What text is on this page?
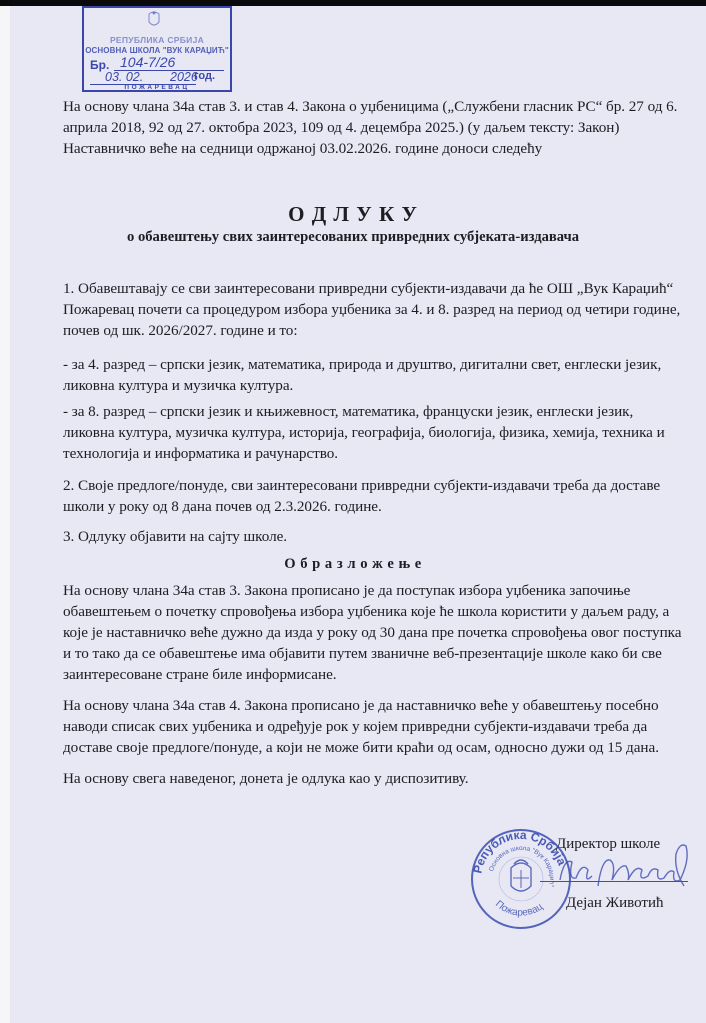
РЕПУБЛИКА СРБИЈА
ОСНОВНА ШКОЛА "ВУК КАРАЏИЋ"
Бр. 104-7/26
03. 02. 2026
год.
ПОЖАРЕВАЦ
На основу члана 34а став 3. и став 4. Закона о уџбеницима („Службени гласник РС“ бр. 27 од 6.
априла 2018, 92 од 27. октобра 2023, 109 од 4. децембра 2025.) (у даљем тексту: Закон)
Наставничко веће на седници одржаној 03.02.2026. године доноси следећу
О Д Л У К У
о обавештењу свих заинтересованих привредних субјеката-издавача
1. Обавештавају се сви заинтересовани привредни субјекти-издавачи да ће ОШ „Вук Караџић“
Пожаревац почети са процедуром избора уџбеника за 4. и 8. разред на период од четири године,
почев од шк. 2026/2027. године и то:
- за 4. разред – српски језик, математика, природа и друштво, дигитални свет, енглески језик,
ликовна култура и музичка култура.
- за 8. разред – српски језик и књижевност, математика, француски језик, енглески језик,
ликовна култура, музичка култура, историја, географија, биологија, физика, хемија, техника и
технологија и информатика и рачунарство.
2. Своје предлоге/понуде, сви заинтересовани привредни субјекти-издавачи треба да доставе
школи у року од 8 дана почев од 2.3.2026. године.
3. Одлуку објавити на сајту школе.
О б р а з л о ж е њ е
На основу члана 34а став 3. Закона прописано је да поступак избора уџбеника започиње
обавештењем о почетку спровођења избора уџбеника које ће школа користити у даљем раду, а
које је наставничко веће дужно да изда у року од 30 дана пре почетка спровођења овог поступка
и то тако да се обавештење има објавити путем званичне веб-презентације школе како би све
заинтересоване стране биле информисане.
На основу члана 34а став 4. Закона прописано је да наставничко веће у обавештењу посебно
наводи списак свих уџбеника и одређује рок у којем привредни субјекти-издавачи треба да
доставе своје предлоге/понуде, а који не може бити краћи од осам, односно дужи од 15 дана.
На основу свега наведеног, донета је одлука као у диспозитиву.
Директор школе
Дејан Животић
Република Србија
Основна школа "Вук Караџић"
Пожаревац
